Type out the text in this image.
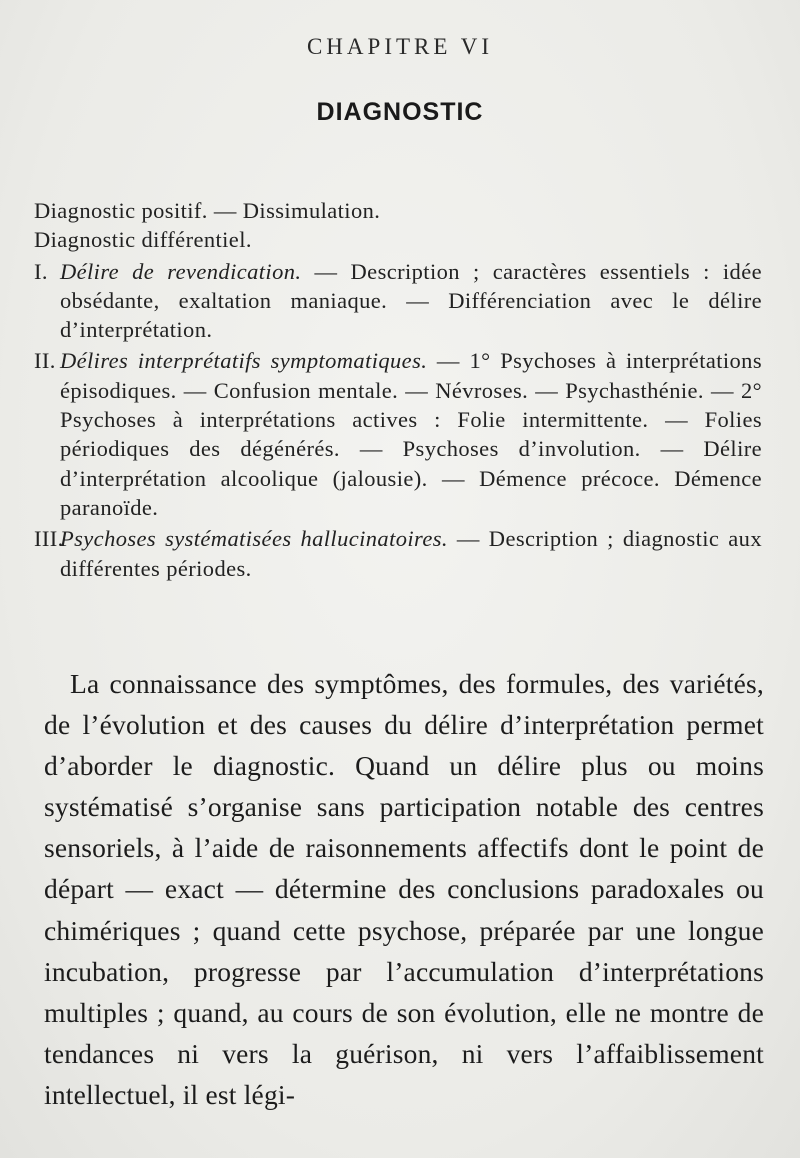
CHAPITRE VI
DIAGNOSTIC

Diagnostic positif. — Dissimulation.

Diagnostic différentiel.

I. Délire de revendication. — Description ; caractères essentiels : idée obsédante, exaltation maniaque. — Différenciation avec le délire d’interprétation.

II. Délires interprétatifs symptomatiques. — 1° Psychoses à interprétations épisodiques. — Confusion mentale. — Névroses. — Psychasthénie. — 2° Psychoses à interprétations actives : Folie intermittente. — Folies périodiques des dégénérés. — Psychoses d’involution. — Délire d’interprétation alcoolique (jalousie). — Démence précoce. Démence paranoïde.

III.Psychoses systématisées hallucinatoires. — Description ; diagnostic aux différentes périodes.

La connaissance des symptômes, des formules, des variétés, de l’évolution et des causes du délire d’interprétation permet d’aborder le diagnostic. Quand un délire plus ou moins systématisé s’organise sans participation notable des centres sensoriels, à l’aide de raisonnements affectifs dont le point de départ — exact — détermine des conclusions paradoxales ou chimériques ; quand cette psychose, préparée par une longue incubation, progresse par l’accumulation d’interprétations multiples ; quand, au cours de son évolution, elle ne montre de tendances ni vers la guérison, ni vers l’affaiblissement intellectuel, il est légi-
